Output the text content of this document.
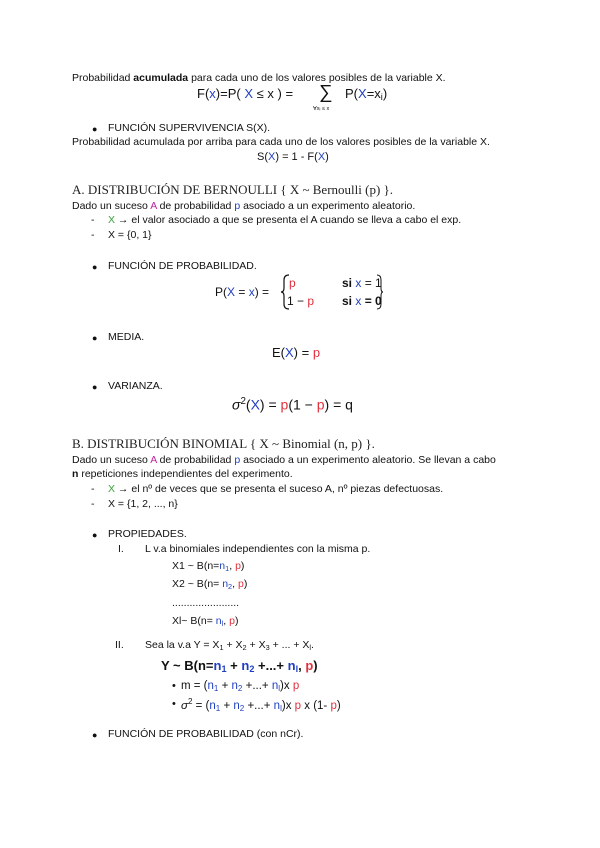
Probabilidad acumulada para cada uno de los valores posibles de la variable X.
F(x)=P( X ≤ x ) = ∑
∀xᵢ ≤ x
$P(X=x_i)$
● FUNCIÓN SUPERVIVENCIA S(X).
Probabilidad acumulada por arriba para cada uno de los valores posibles de la variable X.
S(X) = 1 - F(X)
A. DISTRIBUCIÓN DE BERNOULLI { X ~ Bernoulli (p) }.
Dado un suceso A de probabilidad p asociado a un experimento aleatorio.
- X → el valor asociado a que se presenta el A cuando se lleva a cabo el exp.
- X = {0, 1}
● FUNCIÓN DE PROBABILIDAD.
P(X = x) =
p	si x = 1
1 − p si x = 0
● MEDIA.
E(X) = p
● VARIANZA.
$\sigma^2(X) = p(1 - p) = q$
B. DISTRIBUCIÓN BINOMIAL { X ~ Binomial (n, p) }.
Dado un suceso A de probabilidad p asociado a un experimento aleatorio. Se llevan a cabo
n repeticiones independientes del experimento.
- X → el nº de veces que se presenta el suceso A, nº piezas defectuosas.
- X = {1, 2, ..., n}
● PROPIEDADES.
I. L v.a binomiales independientes con la misma p.
X1 ~ $B(n=n_1$, p)
X2 ~ $B(n= n_2$, p)
.......................
Xl~ $B(n= n_l$, p)
II. Sea la v.a $Y = X_1 + X_2 + X_3$ + ... + $X_l$.
Y ~ $B(n=n_1 + n_2$ +...+ $n_l$, p)
• $m = (n_1 + n_2$ +...+ $n_l)x$ p
• $\sigma^2 = (n_1 + n_2$ +...+ $n_l)x$ p x (1- p)
● FUNCIÓN DE PROBABILIDAD (con nCr).
